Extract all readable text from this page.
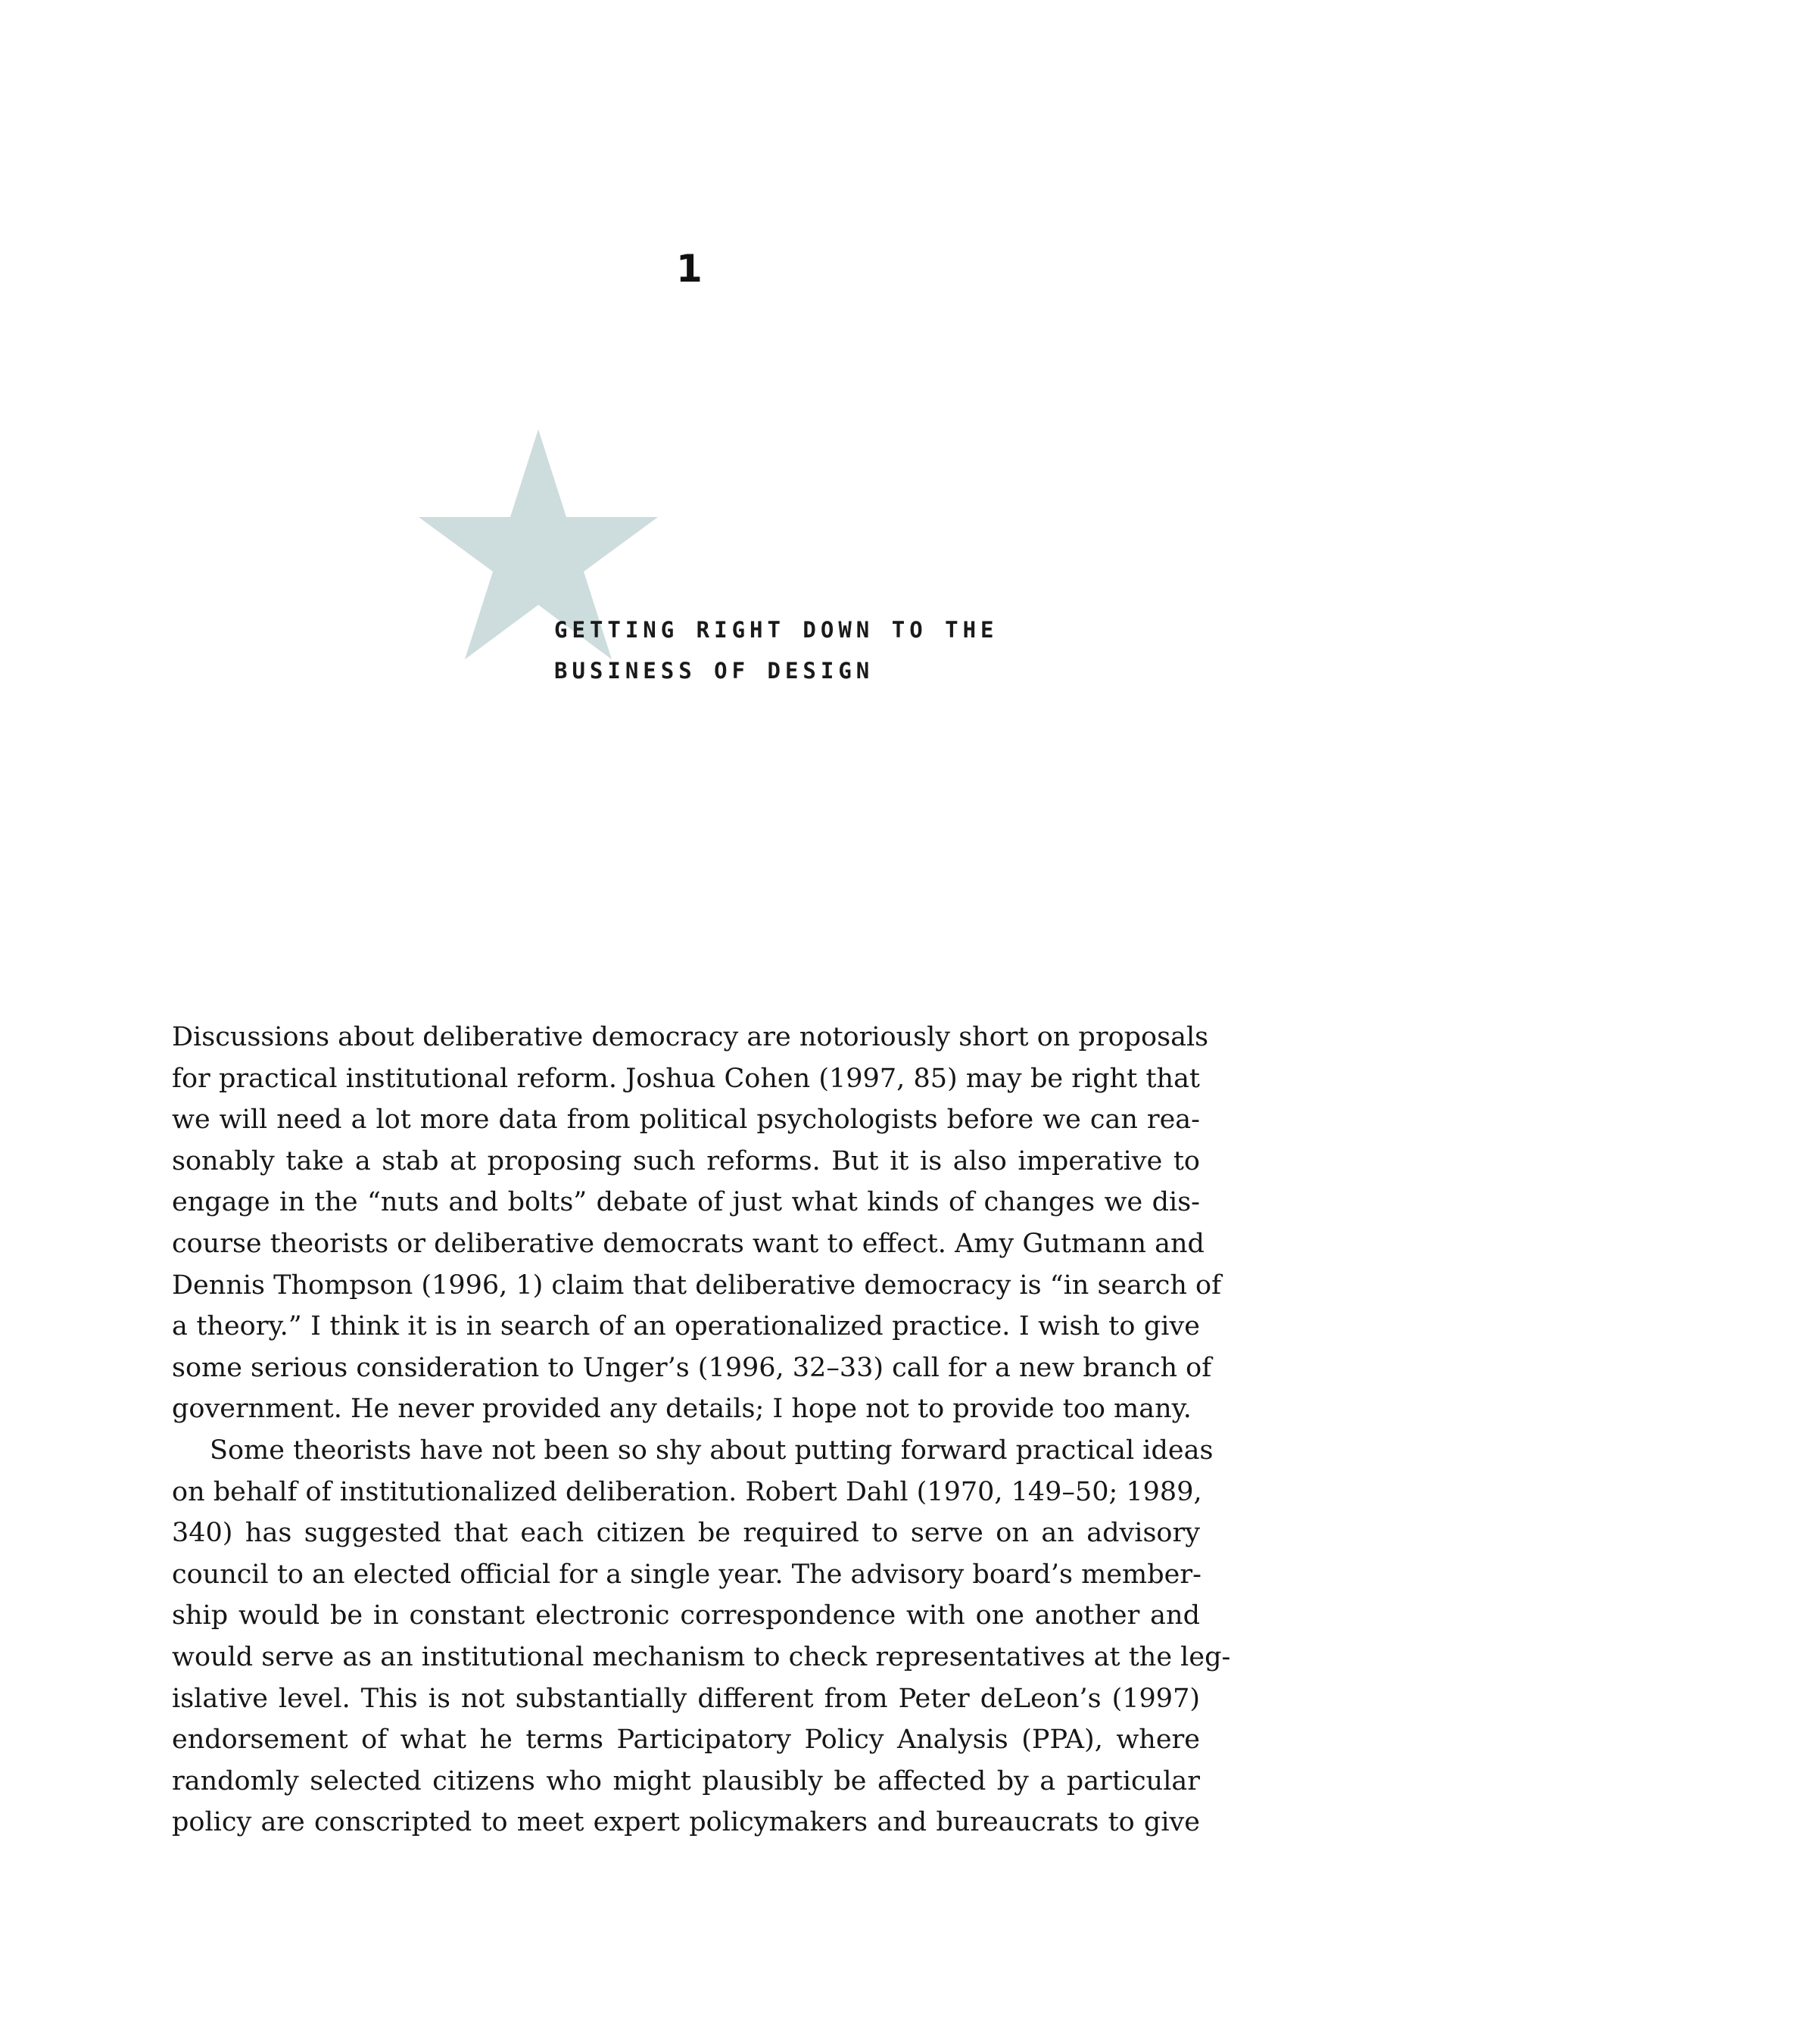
1
GETTING RIGHT DOWN TO THE
BUSINESS OF DESIGN
Discussions about deliberative democracy are notoriously short on proposals
for practical institutional reform. Joshua Cohen (1997, 85) may be right that
we will need a lot more data from political psychologists before we can rea-
sonably take a stab at proposing such reforms. But it is also imperative to
engage in the “nuts and bolts” debate of just what kinds of changes we dis-
course theorists or deliberative democrats want to effect. Amy Gutmann and
Dennis Thompson (1996, 1) claim that deliberative democracy is “in search of
a theory.” I think it is in search of an operationalized practice. I wish to give
some serious consideration to Unger’s (1996, 32–33) call for a new branch of
government. He never provided any details; I hope not to provide too many.
Some theorists have not been so shy about putting forward practical ideas
on behalf of institutionalized deliberation. Robert Dahl (1970, 149–50; 1989,
340) has suggested that each citizen be required to serve on an advisory
council to an elected official for a single year. The advisory board’s member-
ship would be in constant electronic correspondence with one another and
would serve as an institutional mechanism to check representatives at the leg-
islative level. This is not substantially different from Peter deLeon’s (1997)
endorsement of what he terms Participatory Policy Analysis (PPA), where
randomly selected citizens who might plausibly be affected by a particular
policy are conscripted to meet expert policymakers and bureaucrats to give
